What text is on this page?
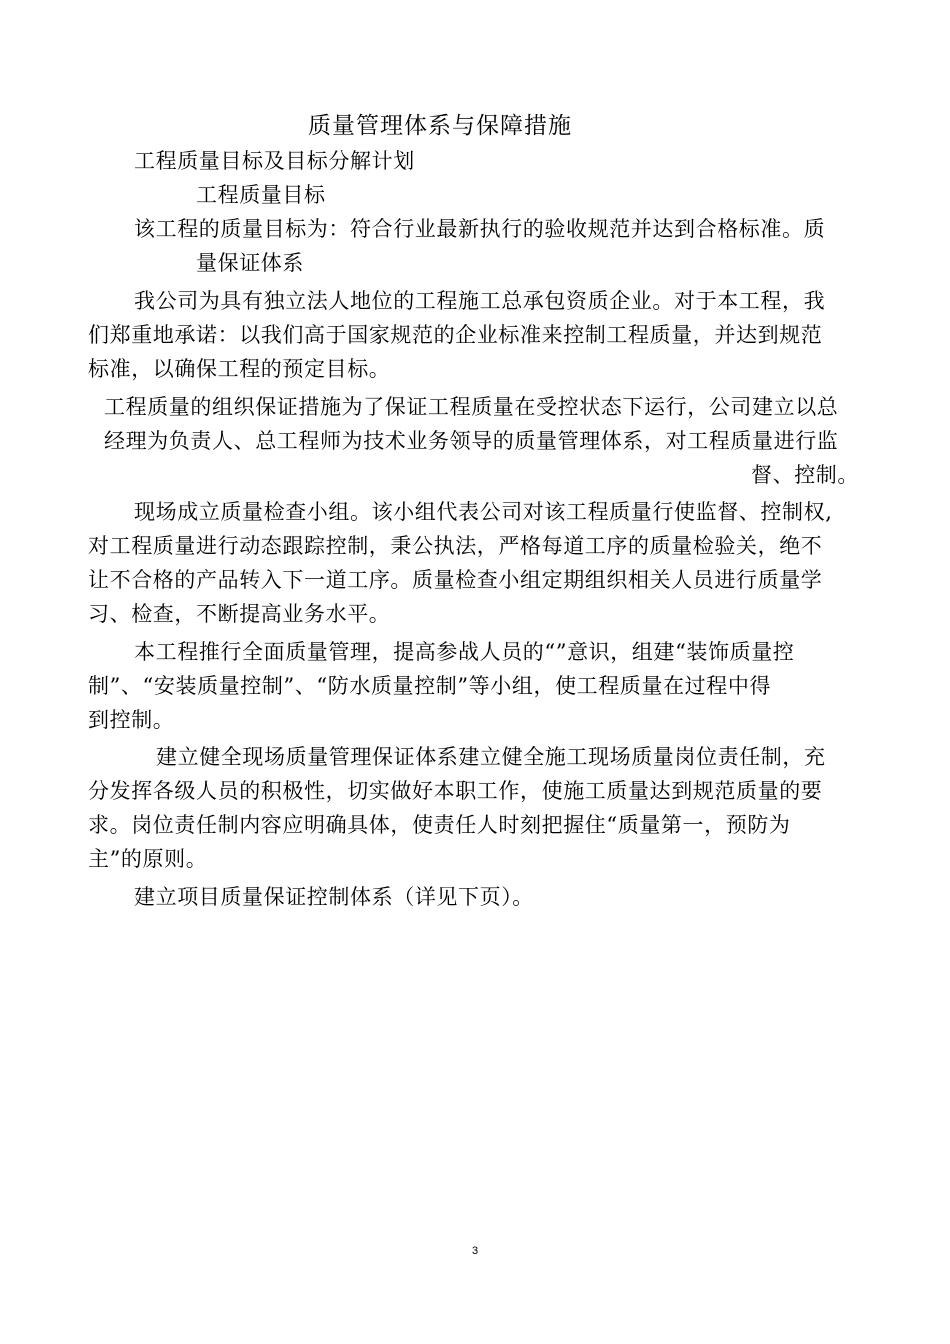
质量管理体系与保障措施
工程质量目标及目标分解计划
工程质量目标
该工程的质量目标为：符合行业最新执行的验收规范并达到合格标准。质
量保证体系
我公司为具有独立法人地位的工程施工总承包资质企业。对于本工程，我
们郑重地承诺：以我们高于国家规范的企业标准来控制工程质量，并达到规范
标准，以确保工程的预定目标。
工程质量的组织保证措施为了保证工程质量在受控状态下运行，公司建立以总
经理为负责人、总工程师为技术业务领导的质量管理体系，对工程质量进行监
督、控制。
现场成立质量检查小组。该小组代表公司对该工程质量行使监督、控制权,
对工程质量进行动态跟踪控制，秉公执法，严格每道工序的质量检验关，绝不
让不合格的产品转入下一道工序。质量检查小组定期组织相关人员进行质量学
习、检查，不断提高业务水平。
本工程推行全面质量管理，提高参战人员的“”意识，组建“装饰质量控
制”、“安装质量控制”、“防水质量控制”等小组，使工程质量在过程中得
到控制。
建立健全现场质量管理保证体系建立健全施工现场质量岗位责任制，充
分发挥各级人员的积极性，切实做好本职工作，使施工质量达到规范质量的要
求。岗位责任制内容应明确具体，使责任人时刻把握住“质量第一，预防为
主”的原则。
建立项目质量保证控制体系（详见下页）。
3
